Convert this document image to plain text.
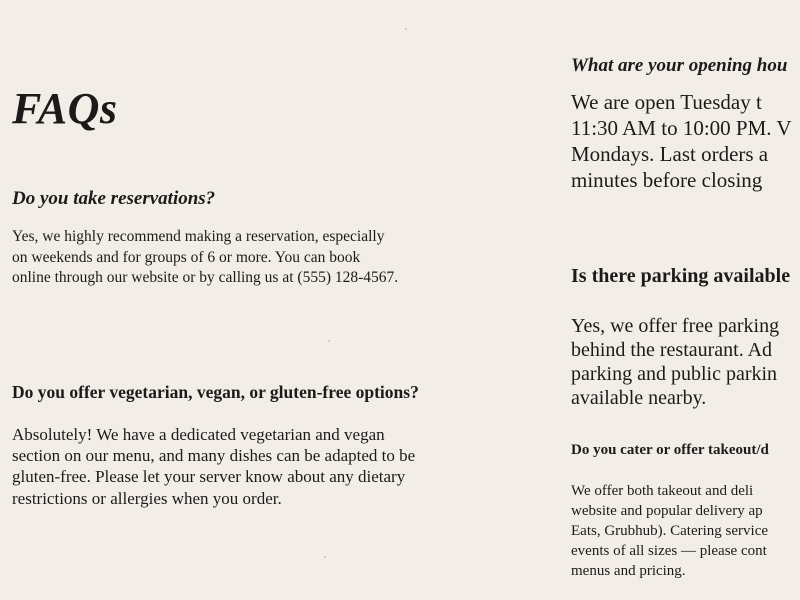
FAQs
Do you take reservations?
Yes, we highly recommend making a reservation, especially
on weekends and for groups of 6 or more. You can book
online through our website or by calling us at (555) 128-4567.
Do you offer vegetarian, vegan, or gluten-free options?
Absolutely! We have a dedicated vegetarian and vegan
section on our menu, and many dishes can be adapted to be
gluten-free. Please let your server know about any dietary
restrictions or allergies when you order.
What are your opening hou
We are open Tuesday t
11:30 AM to 10:00 PM. V
Mondays. Last orders a
minutes before closing
Is there parking available
Yes, we offer free parking
behind the restaurant. Ad
parking and public parkin
available nearby.
Do you cater or offer takeout/d
We offer both takeout and deli
website and popular delivery ap
Eats, Grubhub). Catering service
events of all sizes — please cont
menus and pricing.
